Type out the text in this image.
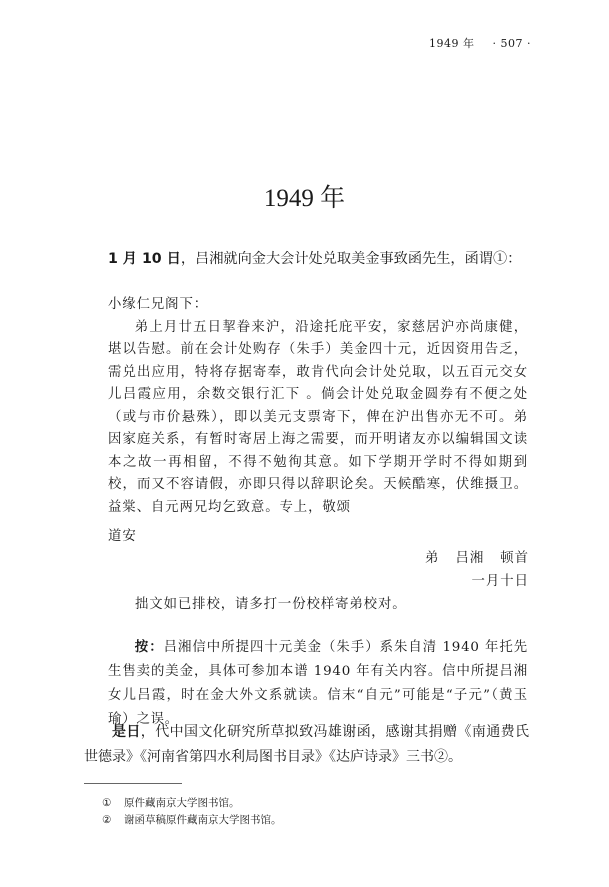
1949 年 · 507 ·
1949 年
1 月 10 日，吕湘就向金大会计处兑取美金事致函先生，函谓①：

小缘仁兄阁下：

弟上月廿五日挈眷来沪，沿途托庇平安，家慈居沪亦尚康健，堪以告慰。前在会计处购存（朱手）美金四十元，近因资用告乏，需兑出应用，特将存据寄奉，敢肯代向会计处兑取，以五百元交女儿吕霞应用，余数交银行汇下 。倘会计处兑取金圆券有不便之处（或与市价悬殊），即以美元支票寄下，俾在沪出售亦无不可。弟因家庭关系，有暂时寄居上海之需要，而开明诸友亦以编辑国文读本之故一再相留，不得不勉徇其意。如下学期开学时不得如期到校，而又不容请假，亦即只得以辞职论矣。天候酷寒，伏维摄卫。益棠、自元两兄均乞致意。专上，敬颂

道安
弟 吕湘 顿首
一月十日
拙文如已排校，请多打一份校样寄弟校对。
按：吕湘信中所提四十元美金（朱手）系朱自清 1940 年托先生售卖的美金，具体可参加本谱 1940 年有关内容。信中所提吕湘女儿吕霞，时在金大外文系就读。信末“自元”可能是“子元”（黄玉瑜）之误。
是日，代中国文化研究所草拟致冯雄谢函，感谢其捐赠《南通费氏世德录》《河南省第四水利局图书目录》《达庐诗录》三书②。
① 原件藏南京大学图书馆。
② 谢函草稿原件藏南京大学图书馆。
